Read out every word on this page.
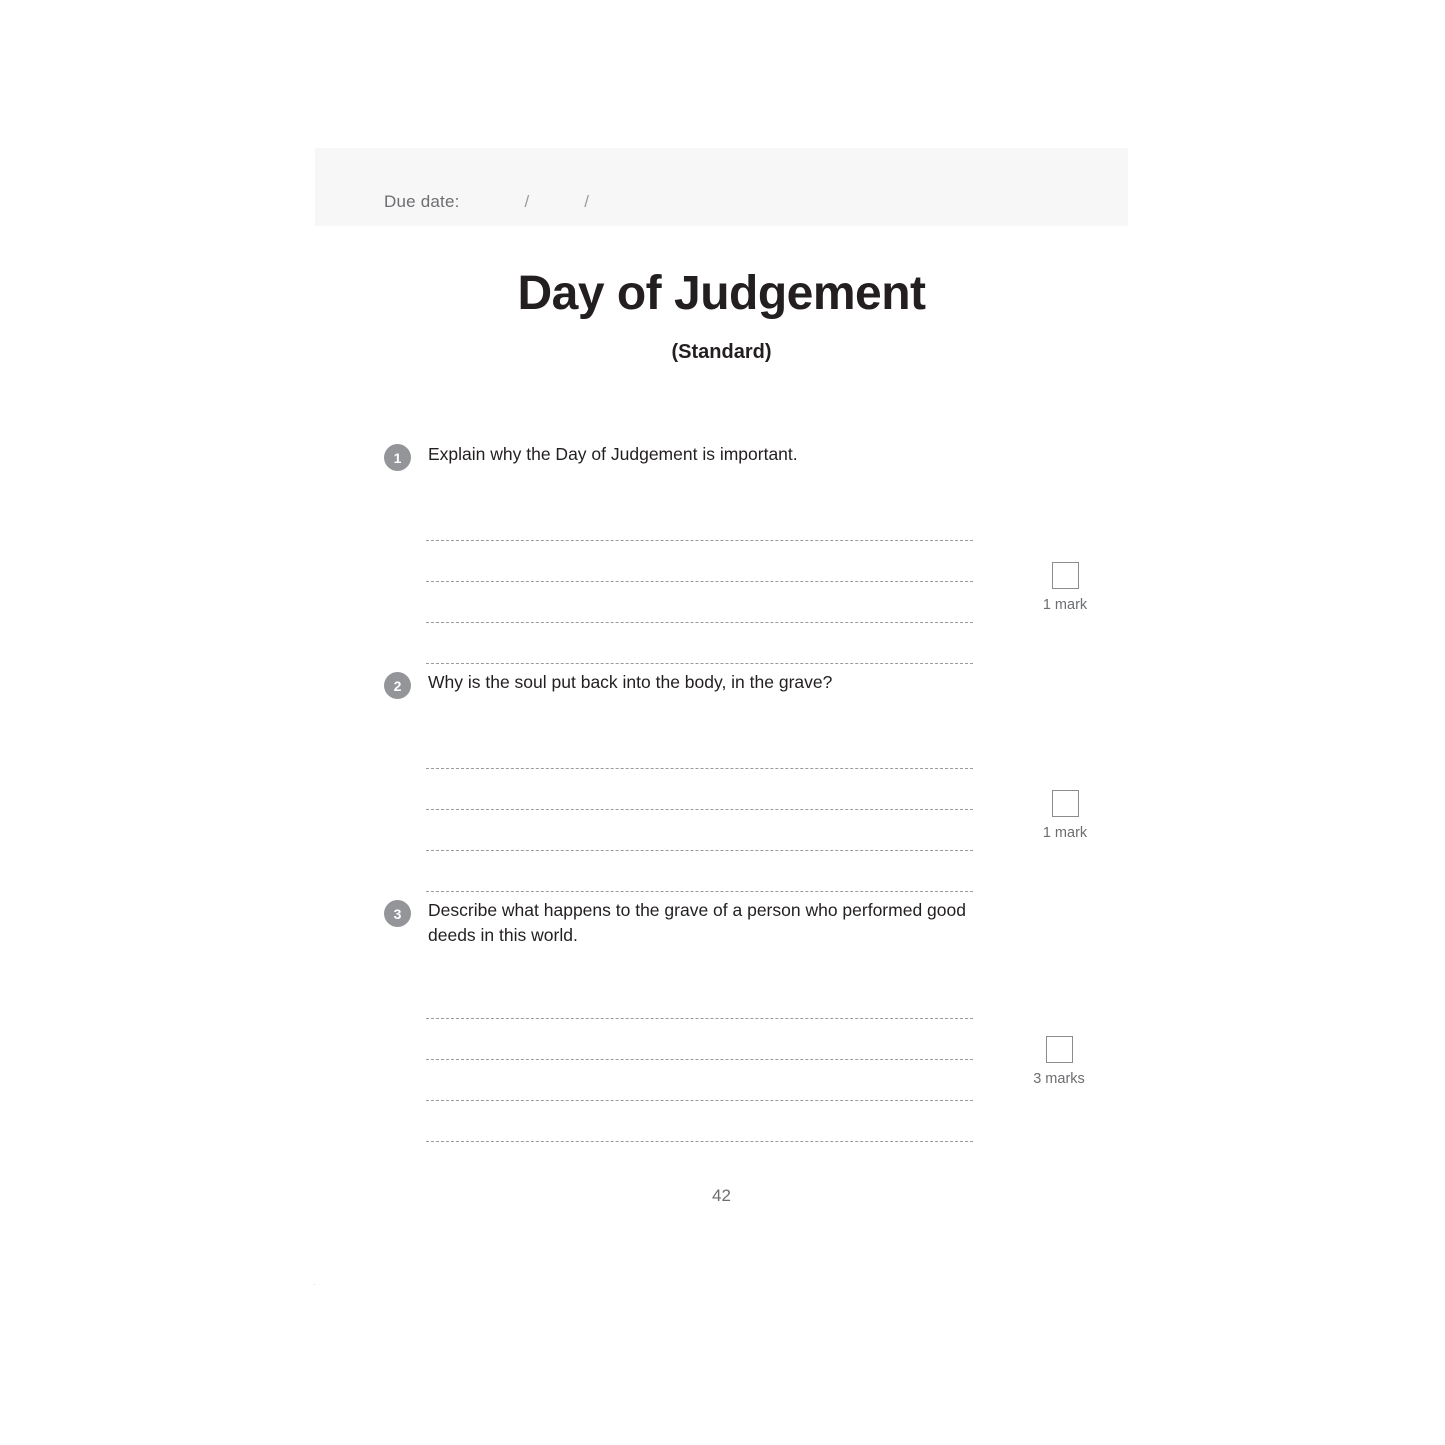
Due date:	/	/
Day of Judgement
(Standard)
1	Explain why the Day of Judgement is important.
1 mark
2	Why is the soul put back into the body, in the grave?
1 mark
3	Describe what happens to the grave of a person who performed good deeds in this world.
3 marks
42
.
